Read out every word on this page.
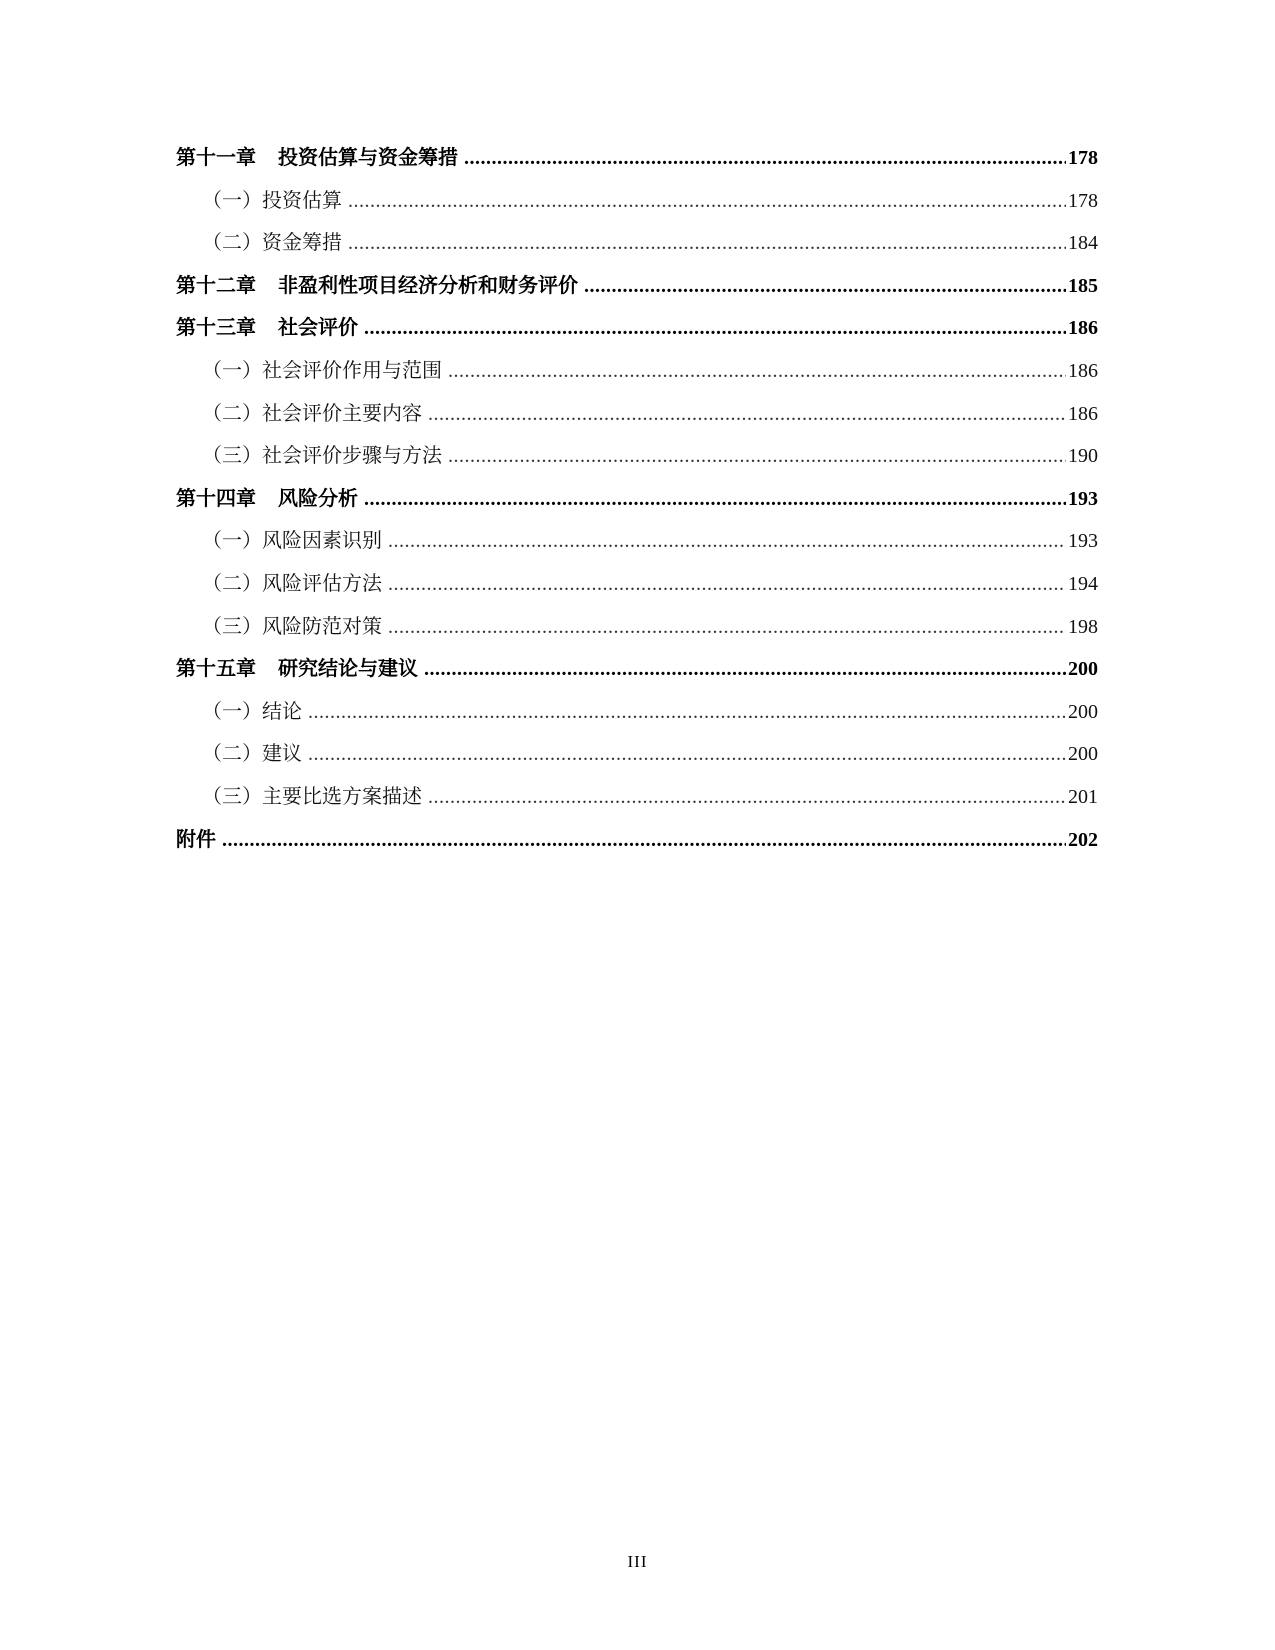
第十一章 投资估算与资金筹措 .....	178
（一）投资估算 .....	178
（二）资金筹措 .....	184
第十二章 非盈利性项目经济分析和财务评价 .....	185
第十三章 社会评价 .....	186
（一）社会评价作用与范围 .....	186
（二）社会评价主要内容 .....	186
（三）社会评价步骤与方法 .....	190
第十四章 风险分析 .....	193
（一）风险因素识别 .....	193
（二）风险评估方法 .....	194
（三）风险防范对策 .....	198
第十五章 研究结论与建议 .....	200
（一）结论 .....	200
（二）建议 .....	200
（三）主要比选方案描述 .....	201
附件 .....	202
III
